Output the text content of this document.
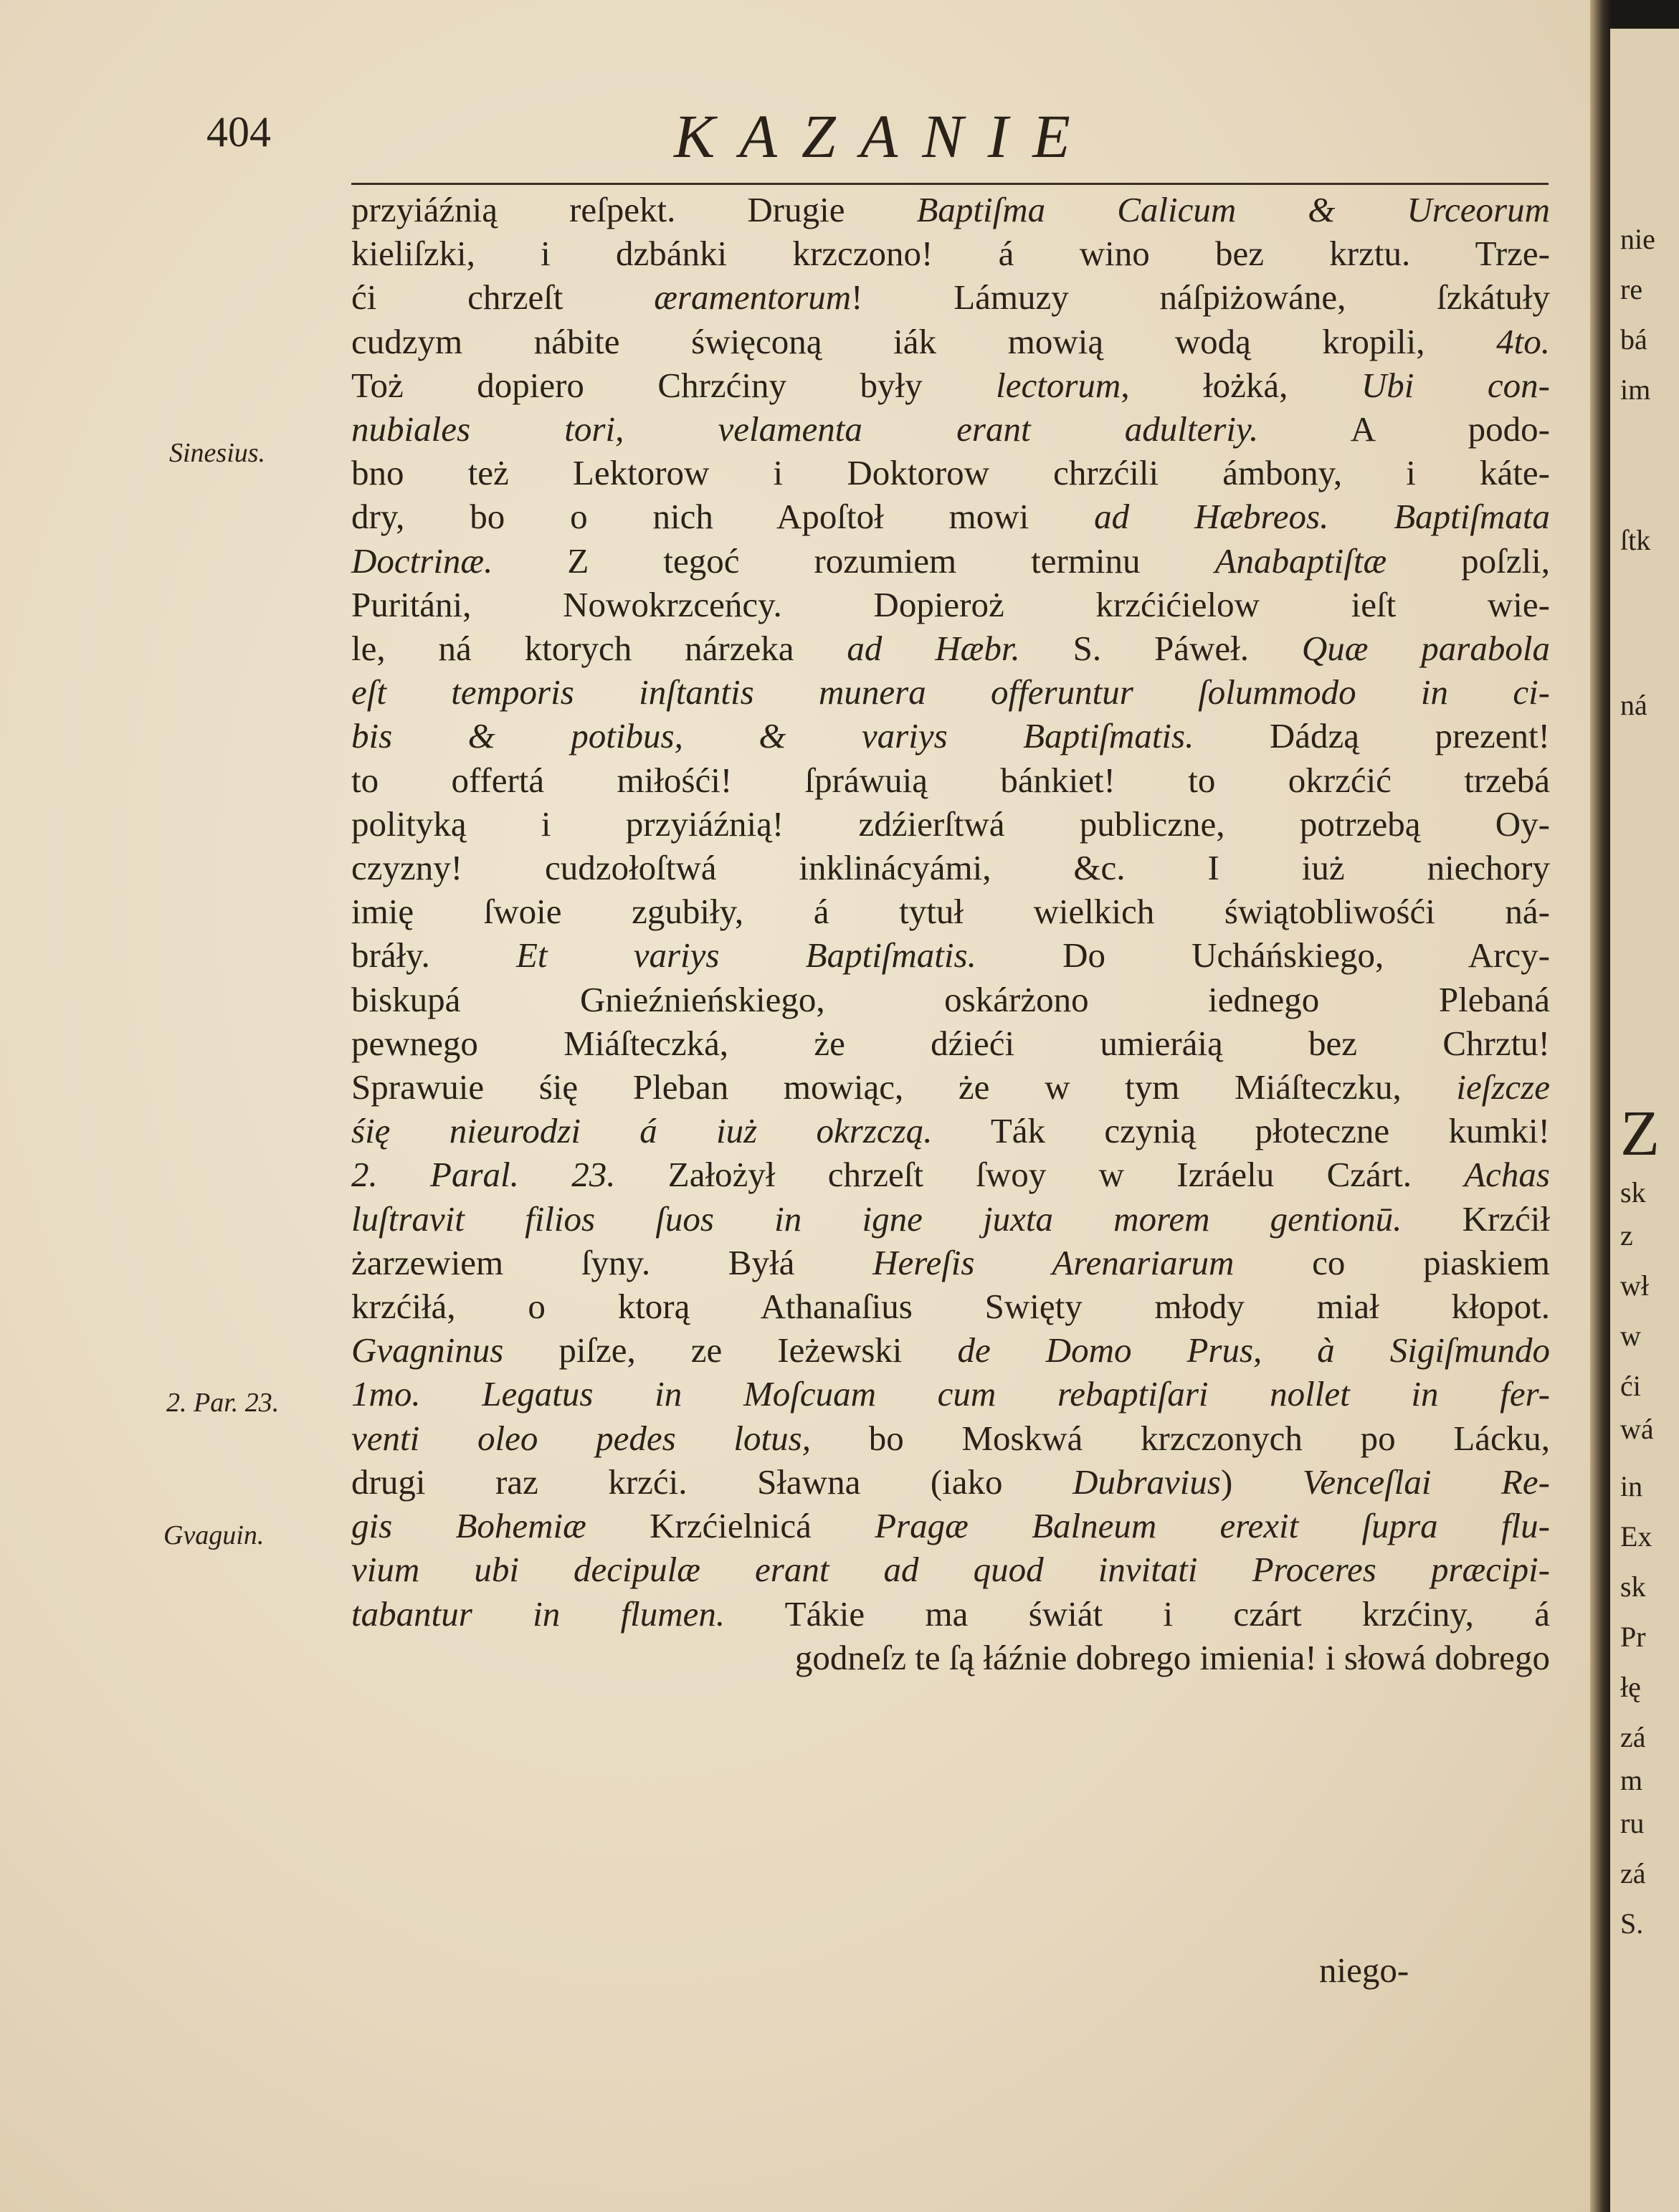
404	KAZANIE
Sinesius.
2. Par. 23.
Gvaguin.
przyiáźnią reſpekt. Drugie Baptiſma Calicum & Urceorum
kieliſzki, i dzbánki krzczono! á wino bez krztu. Trze-
ći chrzeſt æramentorum! Lámuzy náſpiżowáne, ſzkátuły
cudzym nábite święconą iák mowią wodą kropili, 4to.
Toż dopiero Chrzćiny były lectorum, łożká, Ubi con-
nubiales tori, velamenta erant adulteriy. A podo-
bno też Lektorow i Doktorow chrzćili ámbony, i káte-
dry, bo o nich Apoſtoł mowi ad Hæbreos. Baptiſmata
Doctrinæ. Z tegoć rozumiem terminu Anabaptiſtæ poſzli,
Puritáni, Nowokrzceńcy. Dopieroż krzćićielow ieſt wie-
le, ná ktorych nárzeka ad Hæbr. S. Páweł. Quæ parabola
eſt temporis inſtantis munera offeruntur ſolummodo in ci-
bis & potibus, & variys Baptiſmatis. Dádzą prezent!
to offertá miłośći! ſpráwuią bánkiet! to okrzćić trzebá
polityką i przyiáźnią! zdźierſtwá publiczne, potrzebą Oy-
czyzny! cudzołoſtwá inklinácyámi, &c. I iuż niechory
imię ſwoie zgubiły, á tytuł wielkich świątobliwośći ná-
bráły. Et variys Baptiſmatis. Do Ucháńskiego, Arcy-
biskupá Gnieźnieńskiego, oskárżono iednego Plebaná
pewnego Miáſteczká, że dźieći umieráią bez Chrztu!
Sprawuie śię Pleban mowiąc, że w tym Miáſteczku, ieſzcze
śię nieurodzi á iuż okrzczą. Ták czynią płoteczne kumki!
2. Paral. 23. Założył chrzeſt ſwoy w Izráelu Czárt. Achas
luſtravit filios ſuos in igne juxta morem gentionū. Krzćił
żarzewiem ſyny. Byłá Hereſis Arenariarum co piaskiem
krzćiłá, o ktorą Athanaſius Swięty młody miał kłopot.
Gvagninus piſze, ze Ieżewski de Domo Prus, à Sigiſmundo
1mo. Legatus in Moſcuam cum rebaptiſari nollet in fer-
venti oleo pedes lotus, bo Moskwá krzczonych po Lácku,
drugi raz krzći. Sławna (iako Dubravius) Venceſlai Re-
gis Bohemiæ Krzćielnicá Pragæ Balneum erexit ſupra flu-
vium ubi decipulæ erant ad quod invitati Proceres præcipi-
tabantur in flumen. Tákie ma świát i czárt krzćiny, á
godneſz te ſą łáźnie dobrego imienia! i słowá dobrego
niego-
nie
re
bá
im
ſtk
ná
Z
sk
z
wł
w
ći
wá
in
Ex
sk
Pr
łę
zá
m
ru
zá
S.
